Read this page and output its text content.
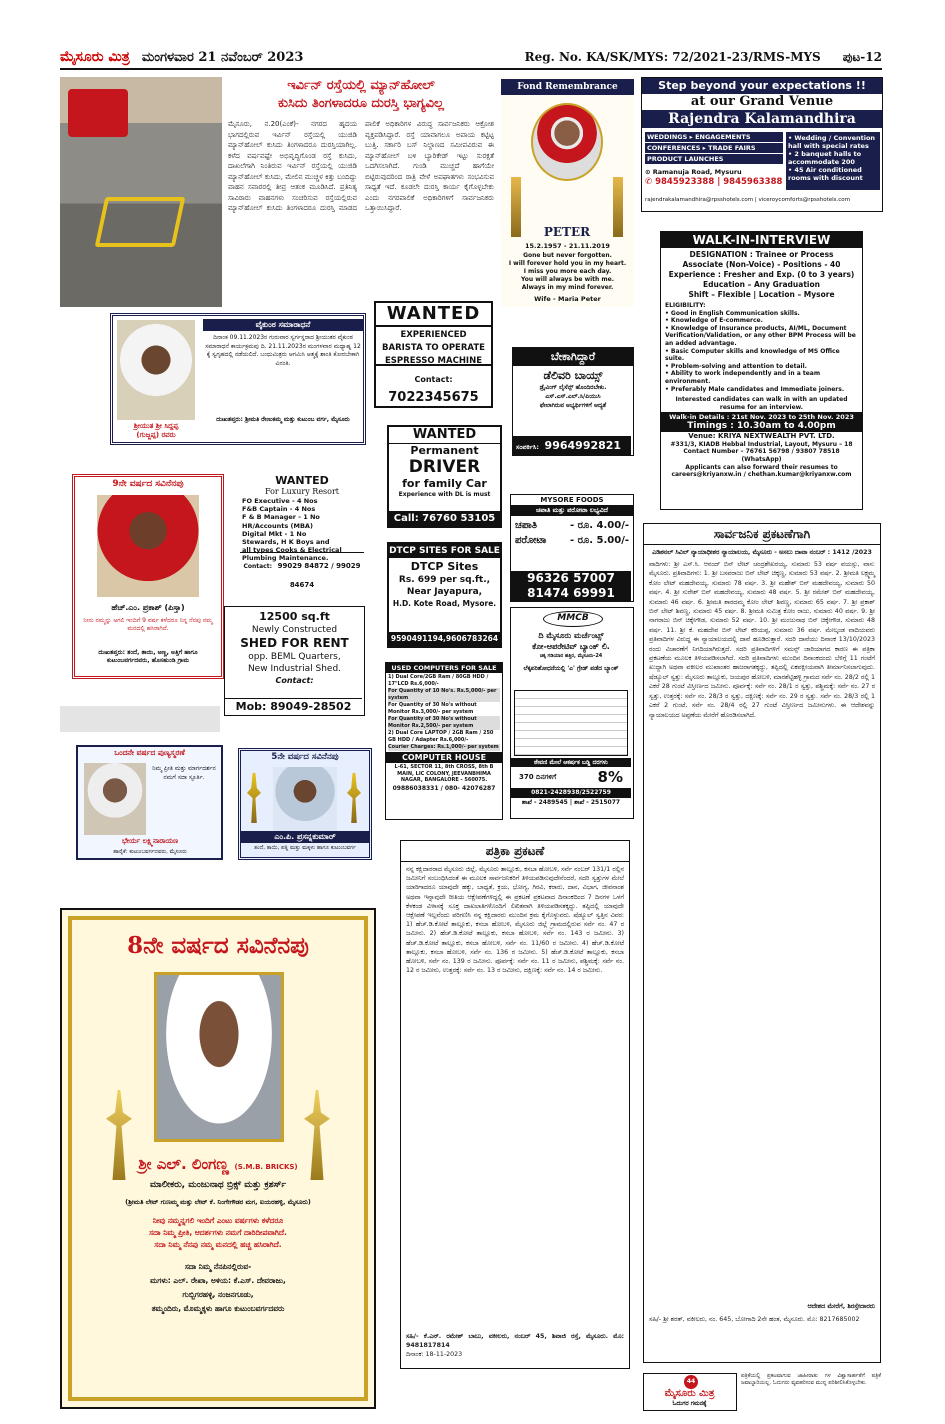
ಮೈಸೂರು ಮಿತ್ರ ಮಂಗಳವಾರ 21 ನವೆಂಬರ್ 2023	Reg. No. KA/SK/MYS: 72/2021-23/RMS-MYS ಪುಟ-12
ಇರ್ವಿನ್ ರಸ್ತೆಯಲ್ಲಿ ಮ್ಯಾನ್‌ಹೋಲ್
ಕುಸಿದು ತಿಂಗಳಾದರೂ ದುರಸ್ತಿ ಭಾಗ್ಯವಿಲ್ಲ
ಮೈಸೂರು, ನ.20(ಎಂಕೆ)- ನಗರದ ಹೃದಯ ಭಾಗದಲ್ಲಿರುವ ಇರ್ವಿನ್ ರಸ್ತೆಯಲ್ಲಿ ಯುಜಿಡಿ ಮ್ಯಾನ್‌ಹೋಲ್ ಕುಸಿದು ತಿಂಗಳಾದರೂ ದುರಸ್ತಿಯಾಗಿಲ್ಲ. ಕಳೆದ ವರ್ಷವಷ್ಟೇ ಅಭಿವೃದ್ಧಿಗೊಂಡ ರಸ್ತೆ ಕುಸಿದು, ದಾಖಲೆಗಾಗಿ ನಿಂತಿರುವ ಇರ್ವಿನ್ ರಸ್ತೆಯಲ್ಲಿ ಯುಜಿಡಿ ಮ್ಯಾನ್‌ಹೋಲ್ ಕುಸಿದು, ಮೇಲಿನ ಮುಚ್ಚಳ ಕಿತ್ತು ಬಂದಿದ್ದು ವಾಹನ ಸವಾರರಲ್ಲಿ ತೀವ್ರ ಆತಂಕ ಮೂಡಿಸಿದೆ. ಪ್ರತಿನಿತ್ಯ ಸಾವಿರಾರು ವಾಹನಗಳು ಸಂಚರಿಸುವ ರಸ್ತೆಯಲ್ಲಿರುವ ಮ್ಯಾನ್‌ಹೋಲ್ ಕುಸಿದು ತಿಂಗಳಾದರೂ ದುರಸ್ತಿ ಮಾಡದ ಪಾಲಿಕೆ ಅಧಿಕಾರಿಗಳ ವಿರುದ್ಧ ಸಾರ್ವಜನಿಕರು ಆಕ್ರೋಶ ವ್ಯಕ್ತಪಡಿಸಿದ್ದಾರೆ. ರಸ್ತೆ ಯಾವಾಗಲೂ ಅಪಾಯ ಕಟ್ಟಿಟ್ಟ ಬುತ್ತಿ. ಸರ್ಕಾರಿ ಬಸ್ ನಿಲ್ದಾಣದ ಸಮೀಪವಿರುವ ಈ ಮ್ಯಾನ್‌ಹೋಲ್ ಬಳಿ ಬ್ಯಾರಿಕೇಡ್ ಇಟ್ಟು ಸುರಕ್ಷತೆ ಒದಗಿಸಲಾಗಿದೆ. ಗುಂಡಿ ಮುಚ್ಚದೆ ಹಾಗೆಯೇ ಬಿಟ್ಟಿರುವುದರಿಂದ ರಾತ್ರಿ ವೇಳೆ ಅಪಘಾತಗಳು ಸಂಭವಿಸುವ ಸಾಧ್ಯತೆ ಇದೆ. ಕೂಡಲೇ ದುರಸ್ತಿ ಕಾರ್ಯ ಕೈಗೊಳ್ಳಬೇಕು ಎಂದು ನಗರಪಾಲಿಕೆ ಅಧಿಕಾರಿಗಳಿಗೆ ಸಾರ್ವಜನಿಕರು ಒತ್ತಾಯಿಸಿದ್ದಾರೆ.
Fond Remembrance
PETER
15.2.1957 - 21.11.2019
Gone but never forgotten.
I will forever hold you in my heart.
I miss you more each day.
You will always be with me.
Always in my mind forever.
Wife - Maria Peter
Step beyond your expectations !!
at our Grand Venue
Rajendra Kalamandhira
WEDDINGS ▸ ENGAGEMENTS
CONFERENCES ▸ TRADE FAIRS
PRODUCT LAUNCHES
⊙ Ramanuja Road, Mysuru
✆ 9845923388 | 9845963388
• Wedding / Convention hall with special rates
• 2 banquet halls to accommodate 200
• 45 Air conditioned rooms with discount
rajendrakalamandhira@rpsshotels.com | viceroycomforts@rpsshotels.com
WALK-IN-INTERVIEW
DESIGNATION : Trainee or Process
Associate (Non-Voice) - Positions - 40
Experience : Fresher and Exp. (0 to 3 years)
Education – Any Graduation
Shift – Flexible | Location – Mysore
ELIGIBILITY:
• Good in English Communication skills.
• Knowledge of E-commerce.
• Knowledge of Insurance products, AI/ML, Document Verification/Validation, or any other BPM Process will be an added advantage.
• Basic Computer skills and knowledge of MS Office suite.
• Problem-solving and attention to detail.
• Ability to work independently and in a team environment.
• Preferably Male candidates and Immediate joiners.
Interested candidates can walk in with an updated resume for an interview.
Walk-in Details : 21st Nov. 2023 to 25th Nov. 2023
Timings : 10.30am to 4.00pm
Venue: KRIYA NEXTWEALTH PVT. LTD.
#331/3, KIADB Hebbal Industrial, Layout, Mysuru – 18
Contact Number – 76761 56798 / 93807 78518 (WhatsApp)
Applicants can also forward their resumes to
careers@kriyanxw.in / chethan.kumar@kriyanxw.com
ಶ್ರೀಯುತ ಶ್ರೀ ಸಿದ್ದಪ್ಪ
(ಗುಜ್ಜಪ್ಪ) ರವರು
ವೈಕುಂಠ ಸಮಾರಾಧನೆ
ದಿನಾಂಕ 09.11.2023ರ ಗುರುವಾರ ಸ್ವರ್ಗಸ್ಥರಾದ ಶ್ರೀಯುತರ ವೈಕುಂಠ ಸಮಾರಾಧನೆ ಕಾರ್ಯಕ್ರಮವು ದಿ. 21.11.2023ರ ಮಂಗಳವಾರ ಮಧ್ಯಾಹ್ನ 12 ಕ್ಕೆ ಸ್ವಗೃಹದಲ್ಲಿ ನಡೆಯಲಿದೆ. ಬಂಧುಮಿತ್ರರು ಆಗಮಿಸಿ ಆತ್ಮಕ್ಕೆ ಶಾಂತಿ ಕೋರಬೇಕಾಗಿ ವಿನಂತಿ.
ದುಃಖತಪ್ತರು: ಶ್ರೀಮತಿ ರೇಣುಕಮ್ಮ ಮತ್ತು ಕುಟುಂಬ ವರ್ಗ, ಮೈಸೂರು
WANTED
EXPERIENCED
BARISTA TO OPERATE
ESPRESSO MACHINE
Contact: 7022345675
ಬೇಕಾಗಿದ್ದಾರೆ
ಡೆಲಿವರಿ ಬಾಯ್ಸ್
ಡ್ರೈವಿಂಗ್ ಲೈಸೆನ್ಸ್ ಹೊಂದಿರಬೇಕು.
ಎಸ್.ಎಸ್.ಎಲ್.ಸಿ/ಪಿಯುಸಿ
ಫೇಲಾಗಿರುವ ಅಭ್ಯರ್ಥಿಗಳಿಗೆ ಆದ್ಯತೆ
ಸಂಪರ್ಕಿಸಿ: 9964992821
9ನೇ ವರ್ಷದ ಸವಿನೆನಪು
ಹೆಚ್.ಎಂ. ಪ್ರಕಾಶ್ (ಪಿಸ್ತಾ)
ನೀನು ನಮ್ಮನ್ನು ಅಗಲಿ ಇಂದಿಗೆ 9 ವರ್ಷ ಕಳೆದರೂ ನಿನ್ನ ನೆನಪು ನಮ್ಮ ಮನದಲ್ಲಿ ಹಸಿರಾಗಿದೆ.
ದುಃಖತಪ್ತರು: ತಂದೆ, ತಾಯಿ, ಅಣ್ಣ, ಅತ್ತಿಗೆ ಹಾಗೂ ಕುಟುಂಬವರ್ಗದವರು, ಹೊಸಹುಂಡಿ ಗ್ರಾಮ
WANTED
For Luxury Resort
FO Executive - 4 Nos
F&B Captain - 4 Nos
F & B Manager - 1 No
HR/Accounts (MBA)
Digital Mkt - 1 No
Stewards, H K Boys and
all types Cooks & Electrical
Plumbing Maintenance.
Contact: 99029 84872 / 99029 84674
WANTED
Permanent
DRIVER
for family Car
Experience with DL is must
Call: 76760 53105
DTCP SITES FOR SALE
DTCP Sites
Rs. 699 per sq.ft.,
Near Jayapura,
H.D. Kote Road, Mysore.
9590491194,9606783264
MYSORE FOODS
ಚಪಾತಿ ಮತ್ತು ಪರೋಟಾ ಲಭ್ಯವಿದೆ
ಚಪಾತಿ	- ರೂ. 4.00/-
ಪರೋಟಾ - ರೂ. 5.00/-
96326 57007
81474 69991
12500 sq.ft
Newly Constructed
SHED FOR RENT
opp. BEML Quarters,
New Industrial Shed.
Contact:
Mob: 89049-28502
USED COMPUTERS FOR SALE
1) Dual Core/2GB Ram / 80GB HDD / 17"LCD Rs.6,000/-
For Quantity of 10 No's. Rs.5,000/- per system
For Quantity of 30 No's without Monitor Rs.3,000/- per system
For Quantity of 30 No's without Monitor Rs.2,500/- per system
2) Dual Core LAPTOP / 2GB Ram / 250 GB HDD / Adapter Rs.6,000/-
Courier Charges: Rs.1,000/- per system
COMPUTER HOUSE
L-61, SECTOR 11, 8th CROSS, 8th B MAIN, LIC COLONY, JEEVANBHIMA NAGAR, BANGALORE - 560075.
09886038331 / 080- 42076287
MMCB
ದಿ ಮೈಸೂರು ಮರ್ಚೆಂಟ್ಸ್
ಕೋ-ಆಪರೇಟಿವ್ ಬ್ಯಾಂಕ್ ಲಿ.
ಚಿಕ್ಕ ಗಡಿಯಾರ ಹತ್ತಿರ, ಮೈಸೂರು-24
ಲೆಕ್ಕಪರಿಶೋಧನೆಯಲ್ಲಿ 'ಎ' ಗ್ರೇಡ್ ಪಡೆದ ಬ್ಯಾಂಕ್
ಠೇವಣಿ ಮೇಲೆ ಆಕರ್ಷಕ ಬಡ್ಡಿ ದರಗಳು
370 ದಿನಗಳಿಗೆ	8%
0821-2428938/2522759
ಶಾಖೆ - 2489545 | ಶಾಖೆ - 2515077
ಒಂದನೇ ವರ್ಷದ ಪುಣ್ಯಸ್ಮರಣೆ
ನಿಮ್ಮ ಪ್ರೀತಿ ಮತ್ತು ಮಾರ್ಗದರ್ಶನ ನಮಗೆ ಸದಾ ಸ್ಫೂರ್ತಿ.
ಭೇರ್ಯ ಲಕ್ಷ್ಮಿನಾರಾಯಣ
ಹಾರೈಕೆ: ಕುಟುಂಬವರ್ಗದವರು, ಮೈಸೂರು
5ನೇ ವರ್ಷದ ಸವಿನೆನಪು
ಎಂ.ಪಿ. ಪ್ರಸನ್ನಕುಮಾರ್
ತಂದೆ, ತಾಯಿ, ಪತ್ನಿ ಮತ್ತು ಮಕ್ಕಳು ಹಾಗೂ ಕುಟುಂಬವರ್ಗ
8ನೇ ವರ್ಷದ ಸವಿನೆನಪು
ಶ್ರೀ ಎಲ್. ಲಿಂಗಣ್ಣ (S.M.B. BRICKS)
ಮಾಲೀಕರು, ಮಂಜುನಾಥ ಬ್ರಿಕ್ಸ್ ಮತ್ತು ಕ್ರಶರ್ಸ್
(ಶ್ರೀಮತಿ ಲೇಟ್ ಗುಣಮ್ಮ ಮತ್ತು ಲೇಟ್ ಕೆ. ನಿಂಗೇಗೌಡರ ಮಗ, ಐಯರಹಳ್ಳಿ, ಮೈಸೂರು)
ನೀವು ನಮ್ಮನ್ನಗಲಿ ಇಂದಿಗೆ ಎಂಟು ವರ್ಷಗಳು ಕಳೆದರೂ
ಸದಾ ನಿಮ್ಮ ಪ್ರೀತಿ, ಆದರ್ಶಗಳು ನಮಗೆ ದಾರಿದೀಪವಾಗಿದೆ.
ಸದಾ ನಿಮ್ಮ ನೆನಪು ನಮ್ಮ ಮನದಲ್ಲಿ ಹಚ್ಚ ಹಸಿರಾಗಿದೆ.
ಸದಾ ನಿಮ್ಮ ನೆನಪಿನಲ್ಲಿರುವ-
ಮಗಳು: ಎಲ್. ರೇಖಾ, ಅಳಿಯ: ಕೆ.ಎಸ್. ದೇವರಾಜು,
ಗುಬ್ಬಿಗರಹಳ್ಳಿ, ನಂಜನಗೂಡು,
ತಮ್ಮಂದಿರು, ಮೊಮ್ಮಕ್ಕಳು ಹಾಗೂ ಕುಟುಂಬವರ್ಗದವರು
ಪತ್ರಿಕಾ ಪ್ರಕಟಣೆ
ನನ್ನ ಕಕ್ಷಿದಾರರಾದ ಮೈಸೂರು ಜಿಲ್ಲೆ, ಮೈಸೂರು ತಾಲ್ಲೂಕು, ಕಸಬಾ ಹೋಬಳಿ, ಸರ್ವೆ ನಂಬರ್ 131/1 ರಲ್ಲಿನ ಜಮೀನಿಗೆ ಸಂಬಂಧಿಸಿದಂತೆ ಈ ಮೂಲಕ ಸಾರ್ವಜನಿಕರಿಗೆ ತಿಳಿಯಪಡಿಸುವುದೇನೆಂದರೆ, ಸದರಿ ಸ್ವತ್ತುಗಳ ಮೇಲೆ ಯಾರಿಗಾದರೂ ಯಾವುದೇ ಹಕ್ಕು, ಬಾಧ್ಯತೆ, ಕ್ರಯ, ಭೋಗ್ಯ, ಗಿರವಿ, ಕರಾರು, ದಾನ, ವಿಭಾಗ, ಜೀವನಾಂಶ ಅಥವಾ ಇನ್ನಾವುದೇ ರೀತಿಯ ಆಕ್ಷೇಪಣೆಗಳಿದ್ದಲ್ಲಿ ಈ ಪ್ರಕಟಣೆ ಪ್ರಕಟವಾದ ದಿನಾಂಕದಿಂದ 7 ದಿನಗಳ ಒಳಗೆ ಕೆಳಕಂಡ ವಿಳಾಸಕ್ಕೆ ಸೂಕ್ತ ದಾಖಲಾತಿಗಳೊಂದಿಗೆ ಲಿಖಿತವಾಗಿ ತಿಳಿಯಪಡಿಸತಕ್ಕದ್ದು. ತಪ್ಪಿದಲ್ಲಿ ಯಾವುದೇ ಆಕ್ಷೇಪಣೆ ಇಲ್ಲವೆಂದು ಪರಿಗಣಿಸಿ ನನ್ನ ಕಕ್ಷಿದಾರರು ಮುಂದಿನ ಕ್ರಮ ಕೈಗೊಳ್ಳುವರು. ಷೆಡ್ಯೂಲ್ ಸ್ವತ್ತಿನ ವಿವರ: 1) ಹೆಚ್.ಡಿ.ಕೋಟೆ ತಾಲ್ಲೂಕು, ಕಸಬಾ ಹೋಬಳಿ, ಮೈಸೂರು ಜಿಲ್ಲೆ ಗ್ರಾಮದಲ್ಲಿರುವ ಸರ್ವೆ ನಂ. 47 ರ ಜಮೀನು. 2) ಹೆಚ್.ಡಿ.ಕೋಟೆ ತಾಲ್ಲೂಕು, ಕಸಬಾ ಹೋಬಳಿ, ಸರ್ವೆ ನಂ. 143 ರ ಜಮೀನು. 3) ಹೆಚ್.ಡಿ.ಕೋಟೆ ತಾಲ್ಲೂಕು, ಕಸಬಾ ಹೋಬಳಿ, ಸರ್ವೆ ನಂ. 11/60 ರ ಜಮೀನು. 4) ಹೆಚ್.ಡಿ.ಕೋಟೆ ತಾಲ್ಲೂಕು, ಕಸಬಾ ಹೋಬಳಿ, ಸರ್ವೆ ನಂ. 136 ರ ಜಮೀನು. 5) ಹೆಚ್.ಡಿ.ಕೋಟೆ ತಾಲ್ಲೂಕು, ಕಸಬಾ ಹೋಬಳಿ, ಸರ್ವೆ ನಂ. 139 ರ ಜಮೀನು. ಪೂರ್ವಕ್ಕೆ: ಸರ್ವೆ ನಂ. 11 ರ ಜಮೀನು, ಪಶ್ಚಿಮಕ್ಕೆ: ಸರ್ವೆ ನಂ. 12 ರ ಜಮೀನು, ಉತ್ತರಕ್ಕೆ: ಸರ್ವೆ ನಂ. 13 ರ ಜಮೀನು, ದಕ್ಷಿಣಕ್ಕೆ: ಸರ್ವೆ ನಂ. 14 ರ ಜಮೀನು.
ಸಹಿ/- ಕೆ.ಎನ್. ರಮೇಶ್ ಬಾಬು, ವಕೀಲರು, ನಂಬರ್ 45, ಶಿವಾಜಿ ರಸ್ತೆ, ಮೈಸೂರು. ಮೊ: 9481817814
ದಿನಾಂಕ: 18-11-2023
ಸಾರ್ವಜನಿಕ ಪ್ರಕಟಣೆಗಾಗಿ
ಎಡಿಶನಲ್ ಸಿವಿಲ್ ನ್ಯಾಯಾಧೀಶರ ನ್ಯಾಯಾಲಯ, ಮೈಸೂರು - ಅಸಲು ದಾವಾ ನಂಬರ್ : 1412 /2023
ವಾದಿಗಳು: ಶ್ರೀ ಎಸ್.ಸಿ. ಆನಂದ್ ಬಿನ್ ಲೇಟ್ ಚಂದ್ರಶೇಖರಯ್ಯ, ಸುಮಾರು 53 ವರ್ಷ ವಯಸ್ಸು, ವಾಸ: ಮೈಸೂರು. ಪ್ರತಿವಾದಿಗಳು: 1. ಶ್ರೀ ಬಸವರಾಜು ಬಿನ್ ಲೇಟ್ ಚಿಕ್ಕಣ್ಣ, ಸುಮಾರು 53 ವರ್ಷ. 2. ಶ್ರೀಮತಿ ಲಕ್ಷ್ಮಮ್ಮ ಕೋಂ ಲೇಟ್ ಮಹದೇವಯ್ಯ, ಸುಮಾರು 78 ವರ್ಷ. 3. ಶ್ರೀ ಮಹೇಶ್ ಬಿನ್ ಮಹದೇವಯ್ಯ, ಸುಮಾರು 50 ವರ್ಷ. 4. ಶ್ರೀ ಸುರೇಶ್ ಬಿನ್ ಮಹದೇವಯ್ಯ, ಸುಮಾರು 48 ವರ್ಷ. 5. ಶ್ರೀ ರಮೇಶ್ ಬಿನ್ ಮಹದೇವಯ್ಯ, ಸುಮಾರು 46 ವರ್ಷ. 6. ಶ್ರೀಮತಿ ಶಾರದಮ್ಮ ಕೋಂ ಲೇಟ್ ಶಿವಣ್ಣ, ಸುಮಾರು 65 ವರ್ಷ. 7. ಶ್ರೀ ಪ್ರಕಾಶ್ ಬಿನ್ ಲೇಟ್ ಶಿವಣ್ಣ, ಸುಮಾರು 45 ವರ್ಷ. 8. ಶ್ರೀಮತಿ ಸುಮಿತ್ರ ಕೋಂ ರಾಜು, ಸುಮಾರು 40 ವರ್ಷ. 9. ಶ್ರೀ ನಾಗರಾಜು ಬಿನ್ ಚಿಕ್ಕೇಗೌಡ, ಸುಮಾರು 52 ವರ್ಷ. 10. ಶ್ರೀ ಮಂಜುನಾಥ ಬಿನ್ ಚಿಕ್ಕೇಗೌಡ, ಸುಮಾರು 48 ವರ್ಷ. 11. ಶ್ರೀ ಕೆ. ಮಹದೇವ ಬಿನ್ ಲೇಟ್ ಕರಿಯಪ್ಪ, ಸುಮಾರು 36 ವರ್ಷ. ಮೇಲ್ಕಂಡ ವಾದಿಯವರು ಪ್ರತಿವಾದಿಗಳ ವಿರುದ್ಧ ಈ ನ್ಯಾಯಾಲಯದಲ್ಲಿ ದಾವೆ ಹೂಡಿರುತ್ತಾರೆ. ಸದರಿ ದಾವೆಯು ದಿನಾಂಕ 13/10/2023 ರಂದು ವಿಚಾರಣೆಗೆ ನಿಗದಿಯಾಗಿರುತ್ತದೆ. ಸದರಿ ಪ್ರತಿವಾದಿಗಳಿಗೆ ಸಮನ್ಸ್ ಜಾರಿಯಾಗದ ಕಾರಣ ಈ ಪತ್ರಿಕಾ ಪ್ರಕಟಣೆಯ ಮೂಲಕ ತಿಳಿಯಪಡಿಸಲಾಗಿದೆ. ಸದರಿ ಪ್ರತಿವಾದಿಗಳು ಮುಂದಿನ ದಿನಾಂಕದಂದು ಬೆಳಿಗ್ಗೆ 11 ಗಂಟೆಗೆ ಖುದ್ದಾಗಿ ಅಥವಾ ವಕೀಲರ ಮುಖಾಂತರ ಹಾಜರಾಗತಕ್ಕದ್ದು, ತಪ್ಪಿದಲ್ಲಿ ಏಕಪಕ್ಷೀಯವಾಗಿ ತೀರ್ಮಾನಿಸಲಾಗುವುದು. ಷೆಡ್ಯೂಲ್ ಸ್ವತ್ತು: ಮೈಸೂರು ತಾಲ್ಲೂಕು, ಜಯಪುರ ಹೋಬಳಿ, ಮಾರಶೆಟ್ಟಿಹಳ್ಳಿ ಗ್ರಾಮದ ಸರ್ವೆ ನಂ. 28/2 ರಲ್ಲಿ 1 ಎಕರೆ 28 ಗುಂಟೆ ವಿಸ್ತೀರ್ಣದ ಜಮೀನು. ಪೂರ್ವಕ್ಕೆ: ಸರ್ವೆ ನಂ. 28/1 ರ ಸ್ವತ್ತು, ಪಶ್ಚಿಮಕ್ಕೆ: ಸರ್ವೆ ನಂ. 27 ರ ಸ್ವತ್ತು, ಉತ್ತರಕ್ಕೆ: ಸರ್ವೆ ನಂ. 28/3 ರ ಸ್ವತ್ತು, ದಕ್ಷಿಣಕ್ಕೆ: ಸರ್ವೆ ನಂ. 29 ರ ಸ್ವತ್ತು. ಸರ್ವೆ ನಂ. 28/3 ರಲ್ಲಿ 1 ಎಕರೆ 2 ಗುಂಟೆ, ಸರ್ವೆ ನಂ. 28/4 ರಲ್ಲಿ 27 ಗುಂಟೆ ವಿಸ್ತೀರ್ಣದ ಜಮೀನುಗಳು. ಈ ಆದೇಶವನ್ನು ನ್ಯಾಯಾಲಯದ ಅಪ್ಪಣೆಯ ಮೇರೆಗೆ ಹೊರಡಿಸಲಾಗಿದೆ.
ಆದೇಶದ ಮೇರೆಗೆ, ಶಿರಸ್ತೇದಾರರು
ಸಹಿ/- ಶ್ರೀ ಶರತ್, ವಕೀಲರು, ನಂ. 645, ಬೋಗಾದಿ 2ನೇ ಹಂತ, ಮೈಸೂರು. ಮೊ: 8217685002
44
ಮೈಸೂರು ಮಿತ್ರ
ಓದುಗರ ಗಮನಕ್ಕೆ
ಪತ್ರಿಕೆಯಲ್ಲಿ ಪ್ರಕಟವಾಗುವ ಜಾಹೀರಾತು ಗಳ ವಿಶ್ವಾಸಾರ್ಹತೆಗೆ ಪತ್ರಿಕೆ ಜವಾಬ್ದಾರಿಯಲ್ಲ. ಓದುಗರು ವ್ಯವಹರಿಸುವ ಮುನ್ನ ಪರಿಶೀಲಿಸಿಕೊಳ್ಳಬೇಕು.
